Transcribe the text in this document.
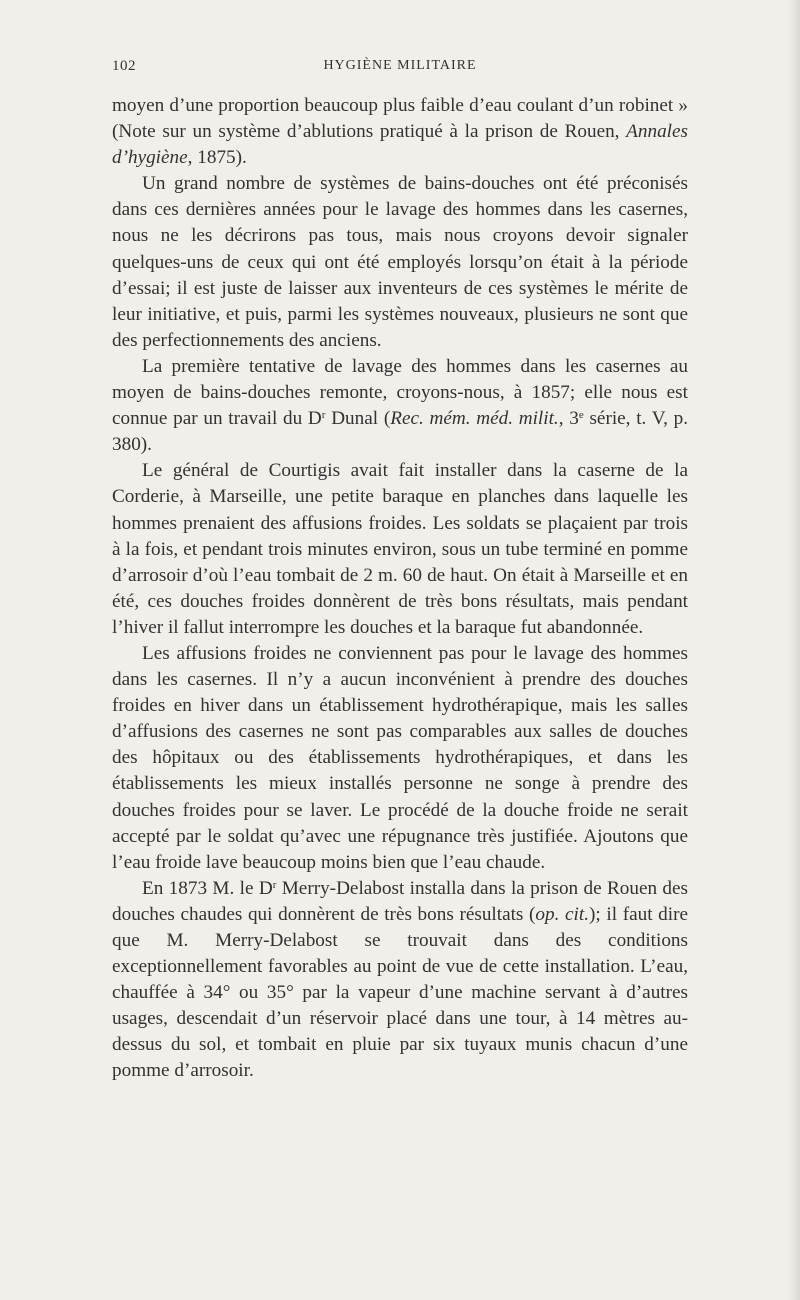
102	HYGIÈNE MILITAIRE

moyen d’une proportion beaucoup plus faible d’eau coulant d’un robinet » (Note sur un système d’ablutions pratiqué à la prison de Rouen, Annales d’hygiène, 1875).

Un grand nombre de systèmes de bains-douches ont été préconisés dans ces dernières années pour le lavage des hommes dans les casernes, nous ne les décrirons pas tous, mais nous croyons devoir signaler quelques-uns de ceux qui ont été employés lorsqu’on était à la période d’essai; il est juste de laisser aux inventeurs de ces systèmes le mérite de leur initiative, et puis, parmi les systèmes nouveaux, plusieurs ne sont que des perfectionnements des anciens.

La première tentative de lavage des hommes dans les casernes au moyen de bains-douches remonte, croyons-nous, à 1857; elle nous est connue par un travail du $D^r$ Dunal (Rec. mém. méd. milit., 3e série, t. V, p. 380).

Le général de Courtigis avait fait installer dans la caserne de la Corderie, à Marseille, une petite baraque en planches dans laquelle les hommes prenaient des affusions froides. Les soldats se plaçaient par trois à la fois, et pendant trois minutes environ, sous un tube terminé en pomme d’arrosoir d’où l’eau tombait de 2 m. 60 de haut. On était à Marseille et en été, ces douches froides donnèrent de très bons résultats, mais pendant l’hiver il fallut interrompre les douches et la baraque fut abandonnée.

Les affusions froides ne conviennent pas pour le lavage des hommes dans les casernes. Il n’y a aucun inconvénient à prendre des douches froides en hiver dans un établissement hydrothérapique, mais les salles d’affusions des casernes ne sont pas comparables aux salles de douches des hôpitaux ou des établissements hydrothérapiques, et dans les établissements les mieux installés personne ne songe à prendre des douches froides pour se laver. Le procédé de la douche froide ne serait accepté par le soldat qu’avec une répugnance très justifiée. Ajoutons que l’eau froide lave beaucoup moins bien que l’eau chaude.

En 1873 M. le $D^r$ Merry-Delabost installa dans la prison de Rouen des douches chaudes qui donnèrent de très bons résultats (op. cit.); il faut dire que M. Merry-Delabost se trouvait dans des conditions exceptionnellement favorables au point de vue de cette installation. L’eau, chauffée à 34° ou 35° par la vapeur d’une machine servant à d’autres usages, descendait d’un réservoir placé dans une tour, à 14 mètres au-dessus du sol, et tombait en pluie par six tuyaux munis chacun d’une pomme d’arrosoir.
